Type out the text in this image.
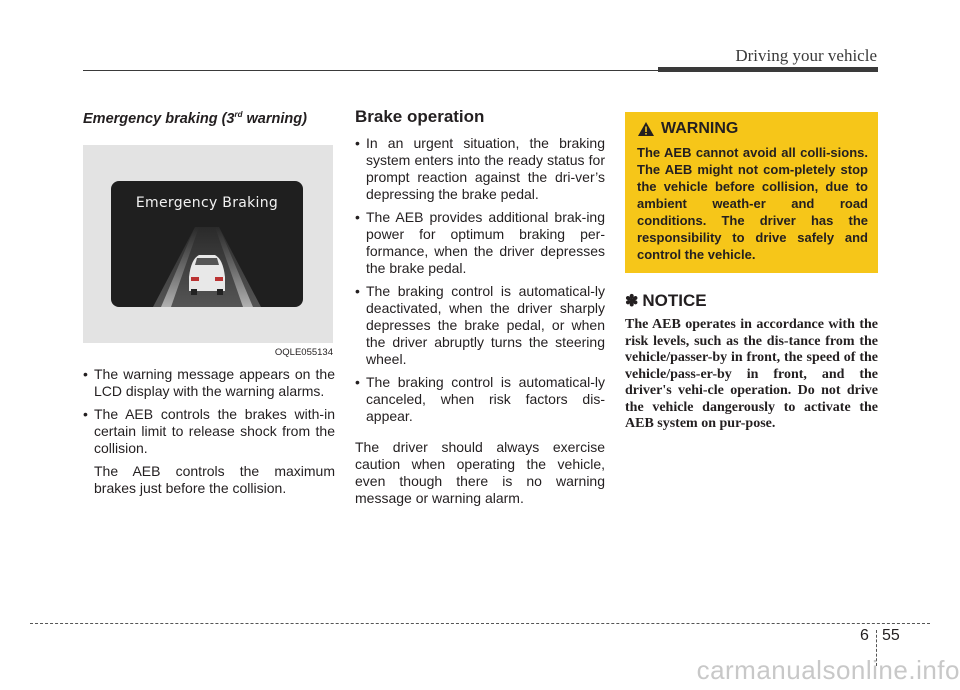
Driving your vehicle
Emergency braking (3rd warning)
Emergency Braking
OQLE055134
• The warning message appears on the LCD display with the warning alarms.
• The AEB controls the brakes with-in certain limit to release shock from the collision.
The AEB controls the maximum brakes just before the collision.
Brake operation
• In an urgent situation, the braking system enters into the ready status for prompt reaction against the dri-ver’s depressing the brake pedal.
• The AEB provides additional brak-ing power for optimum braking per-formance, when the driver depresses the brake pedal.
• The braking control is automatical-ly deactivated, when the driver sharply depresses the brake pedal, or when the driver abruptly turns the steering wheel.
• The braking control is automatical-ly canceled, when risk factors dis-appear.
The driver should always exercise caution when operating the vehicle, even though there is no warning message or warning alarm.
WARNING
The AEB cannot avoid all colli-sions. The AEB might not com-pletely stop the vehicle before collision, due to ambient weath-er and road conditions. The driver has the responsibility to drive safely and control the vehicle.
✽ NOTICE
The AEB operates in accordance with the risk levels, such as the dis-tance from the vehicle/passer-by in front, the speed of the vehicle/pass-er-by in front, and the driver's vehi-cle operation. Do not drive the vehicle dangerously to activate the AEB system on pur-pose.
6 55
carmanualsonline.info
